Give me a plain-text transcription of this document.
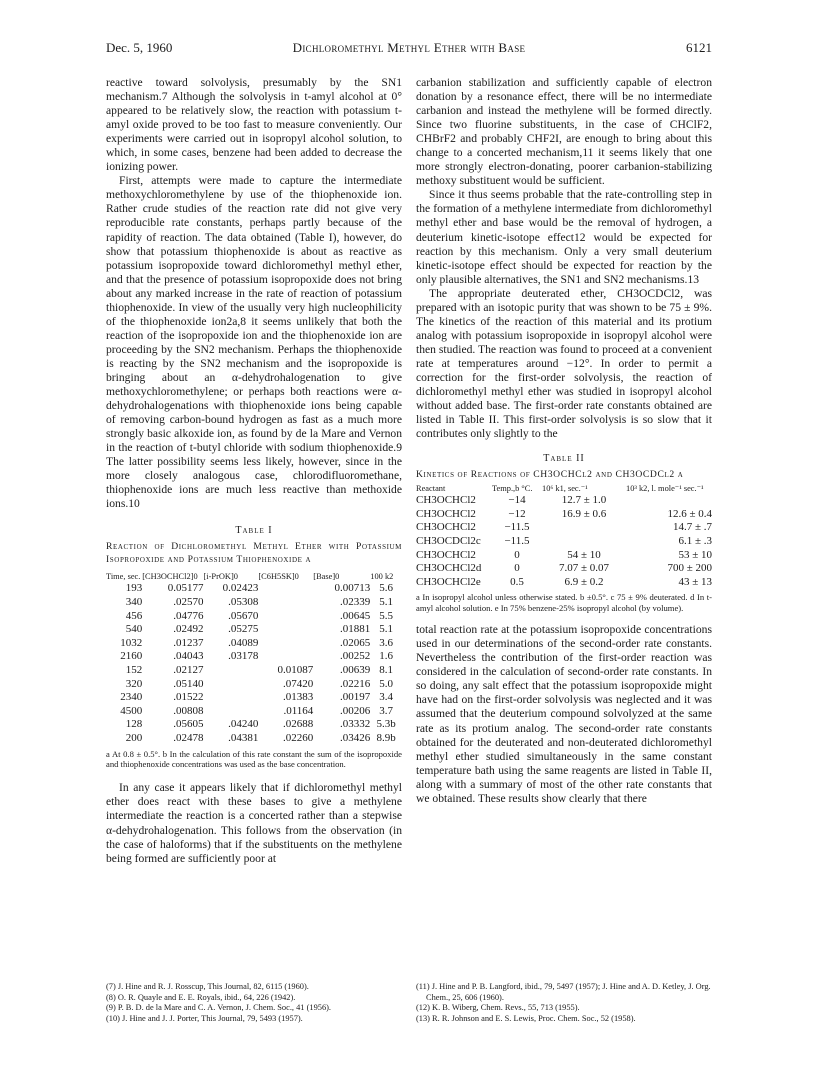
Dec. 5, 1960	Dichloromethyl Methyl Ether with Base	6121

reactive toward solvolysis, presumably by the SN1 mechanism.7 Although the solvolysis in t-amyl alcohol at 0° appeared to be relatively slow, the reaction with potassium t-amyl oxide proved to be too fast to measure conveniently. Our experiments were carried out in isopropyl alcohol solution, to which, in some cases, benzene had been added to decrease the ionizing power.

First, attempts were made to capture the intermediate methoxychloromethylene by use of the thiophenoxide ion. Rather crude studies of the reaction rate did not give very reproducible rate constants, perhaps partly because of the rapidity of reaction. The data obtained (Table I), however, do show that potassium thiophenoxide is about as reactive as potassium isopropoxide toward dichloromethyl methyl ether, and that the presence of potassium isopropoxide does not bring about any marked increase in the rate of reaction of potassium thiophenoxide. In view of the usually very high nucleophilicity of the thiophenoxide ion2a,8 it seems unlikely that both the reaction of the isopropoxide ion and the thiophenoxide ion are proceeding by the SN2 mechanism. Perhaps the thiophenoxide is reacting by the SN2 mechanism and the isopropoxide is bringing about an α-dehydrohalogenation to give methoxychloromethylene; or perhaps both reactions were α-dehydrohalogenations with thiophenoxide ions being capable of removing carbon-bound hydrogen as fast as a much more strongly basic alkoxide ion, as found by de la Mare and Vernon in the reaction of t-butyl chloride with sodium thiophenoxide.9 The latter possibility seems less likely, however, since in the more closely analogous case, chlorodifluoromethane, thiophenoxide ions are much less reactive than methoxide ions.10

Table I

Reaction of Dichloromethyl Methyl Ether with Potassium Isopropoxide and Potassium Thiophenoxide a

Time, sec.	[CH3OCHCl2]0	[i-PrOK]0	[C6H5SK]0	[Base]0	100 k2
193	0.05177	0.02423		0.00713	5.6
340	.02570	.05308		.02339	5.1
456	.04776	.05670		.00645	5.5
540	.02492	.05275		.01881	5.1
1032	.01237	.04089		.02065	3.6
2160	.04043	.03178		.00252	1.6
152	.02127		0.01087	.00639	8.1
320	.05140		.07420	.02216	5.0
2340	.01522		.01383	.00197	3.4
4500	.00808		.01164	.00206	3.7
128	.05605	.04240	.02688	.03332	5.3b
200	.02478	.04381	.02260	.03426	8.9b

a At 0.8 ± 0.5°. b In the calculation of this rate constant the sum of the isopropoxide and thiophenoxide concentrations was used as the base concentration.

In any case it appears likely that if dichloromethyl methyl ether does react with these bases to give a methylene intermediate the reaction is a concerted rather than a stepwise α-dehydrohalogenation. This follows from the observation (in the case of haloforms) that if the substituents on the methylene being formed are sufficiently poor at

carbanion stabilization and sufficiently capable of electron donation by a resonance effect, there will be no intermediate carbanion and instead the methylene will be formed directly. Since two fluorine substituents, in the case of CHClF2, CHBrF2 and probably CHF2I, are enough to bring about this change to a concerted mechanism,11 it seems likely that one more strongly electron-donating, poorer carbanion-stabilizing methoxy substituent would be sufficient.

Since it thus seems probable that the rate-controlling step in the formation of a methylene intermediate from dichloromethyl methyl ether and base would be the removal of hydrogen, a deuterium kinetic-isotope effect12 would be expected for reaction by this mechanism. Only a very small deuterium kinetic-isotope effect should be expected for reaction by the only plausible alternatives, the SN1 and SN2 mechanisms.13

The appropriate deuterated ether, CH3OCDCl2, was prepared with an isotopic purity that was shown to be 75 ± 9%. The kinetics of the reaction of this material and its protium analog with potassium isopropoxide in isopropyl alcohol were then studied. The reaction was found to proceed at a convenient rate at temperatures around −12°. In order to permit a correction for the first-order solvolysis, the reaction of dichloromethyl methyl ether was studied in isopropyl alcohol without added base. The first-order rate constants obtained are listed in Table II. This first-order solvolysis is so slow that it contributes only slightly to the

Table II

Kinetics of Reactions of CH3OCHCl2 and CH3OCDCl2 a

Reactant	Temp.,b °C.	10⁶ k1, sec.⁻¹	10³ k2, l. mole⁻¹ sec.⁻¹
CH3OCHCl2	−14	12.7 ± 1.0	
CH3OCHCl2	−12	16.9 ± 0.6	12.6 ± 0.4
CH3OCHCl2	−11.5		14.7 ± .7
CH3OCDCl2c	−11.5		6.1 ± .3
CH3OCHCl2	0	54 ± 10	53 ± 10
CH3OCHCl2d	0	7.07 ± 0.07	700 ± 200
CH3OCHCl2e	0.5	6.9 ± 0.2	43 ± 13

a In isopropyl alcohol unless otherwise stated. b ±0.5°. c 75 ± 9% deuterated. d In t-amyl alcohol solution. e In 75% benzene-25% isopropyl alcohol (by volume).

total reaction rate at the potassium isopropoxide concentrations used in our determinations of the second-order rate constants. Nevertheless the contribution of the first-order reaction was considered in the calculation of second-order rate constants. In so doing, any salt effect that the potassium isopropoxide might have had on the first-order solvolysis was neglected and it was assumed that the deuterium compound solvolyzed at the same rate as its protium analog. The second-order rate constants obtained for the deuterated and non-deuterated dichloromethyl methyl ether studied simultaneously in the same constant temperature bath using the same reagents are listed in Table II, along with a summary of most of the other rate constants that we obtained. These results show clearly that there

(7) J. Hine and R. J. Rosscup, This Journal, 82, 6115 (1960).

(8) O. R. Quayle and E. E. Royals, ibid., 64, 226 (1942).

(9) P. B. D. de la Mare and C. A. Vernon, J. Chem. Soc., 41 (1956).

(10) J. Hine and J. J. Porter, This Journal, 79, 5493 (1957).

(11) J. Hine and P. B. Langford, ibid., 79, 5497 (1957); J. Hine and A. D. Ketley, J. Org. Chem., 25, 606 (1960).

(12) K. B. Wiberg, Chem. Revs., 55, 713 (1955).

(13) R. R. Johnson and E. S. Lewis, Proc. Chem. Soc., 52 (1958).
